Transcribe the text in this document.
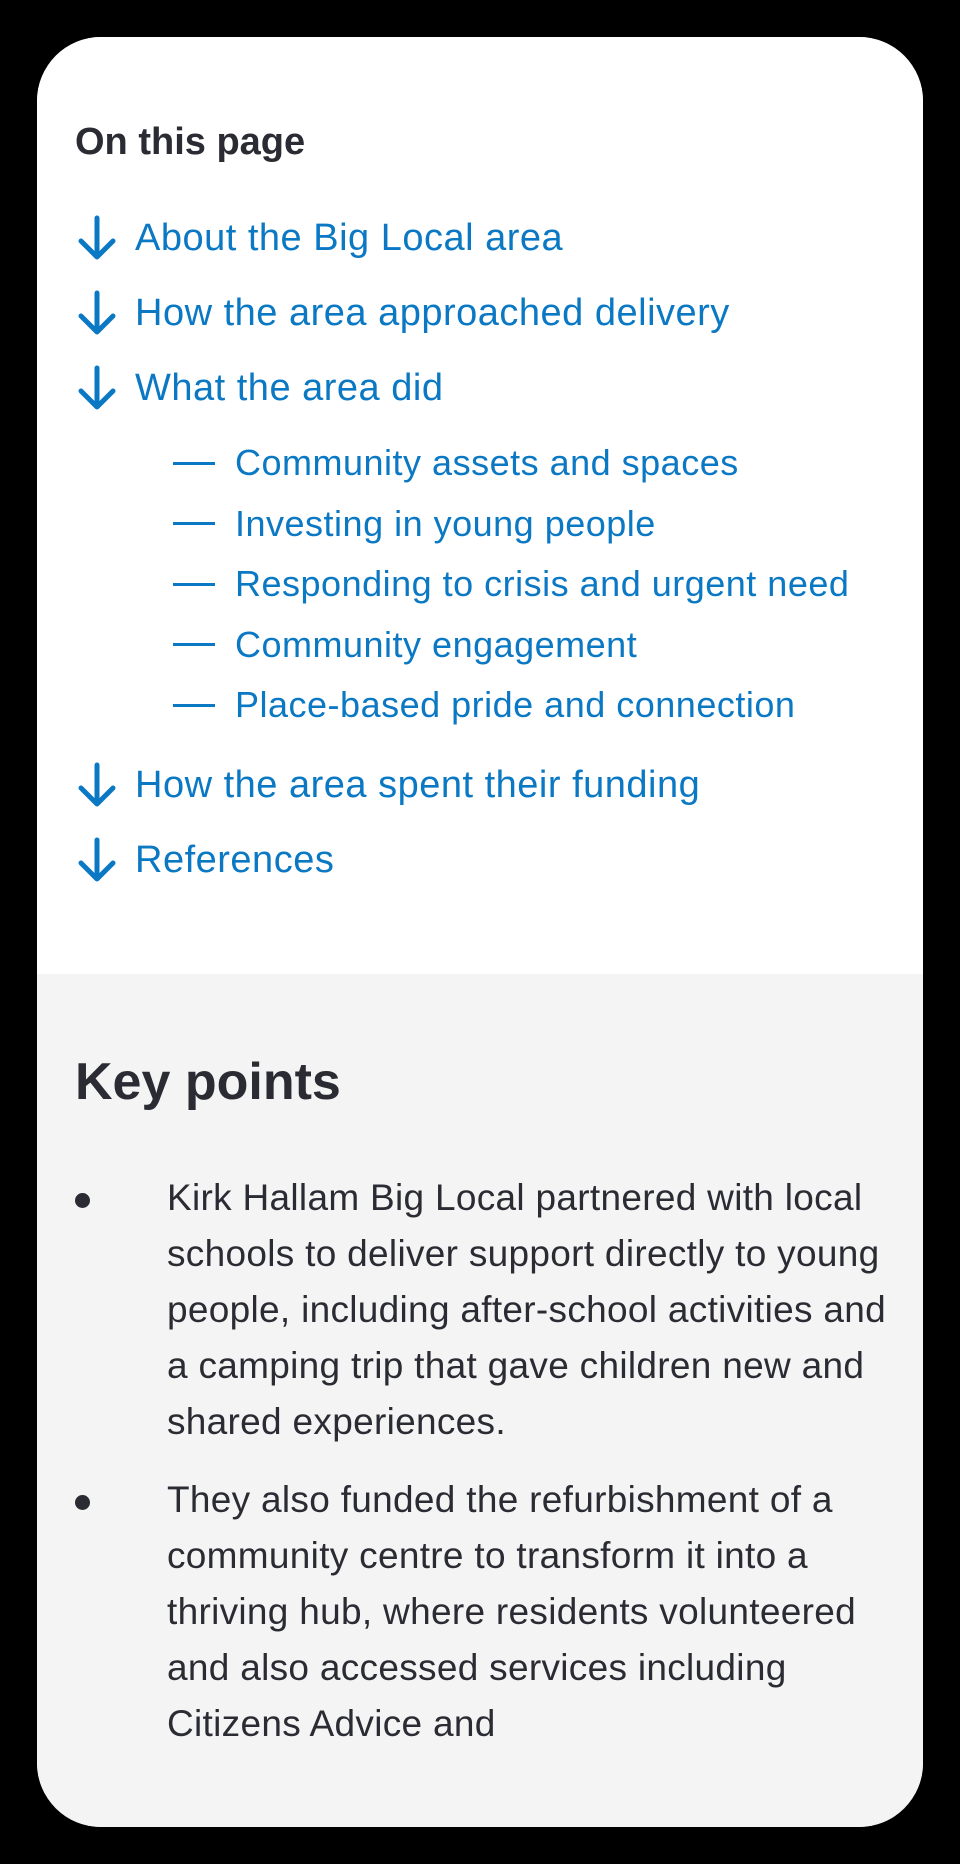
On this page
About the Big Local area
How the area approached delivery
What the area did
Community assets and spaces
Investing in young people
Responding to crisis and urgent need
Community engagement
Place-based pride and connection
How the area spent their funding
References
Key points
Kirk Hallam Big Local partnered with local schools to deliver support directly to young people, including after-school activities and a camping trip that gave children new and shared experiences.
They also funded the refurbishment of a community centre to transform it into a thriving hub, where residents volunteered and also accessed services including Citizens Advice and
